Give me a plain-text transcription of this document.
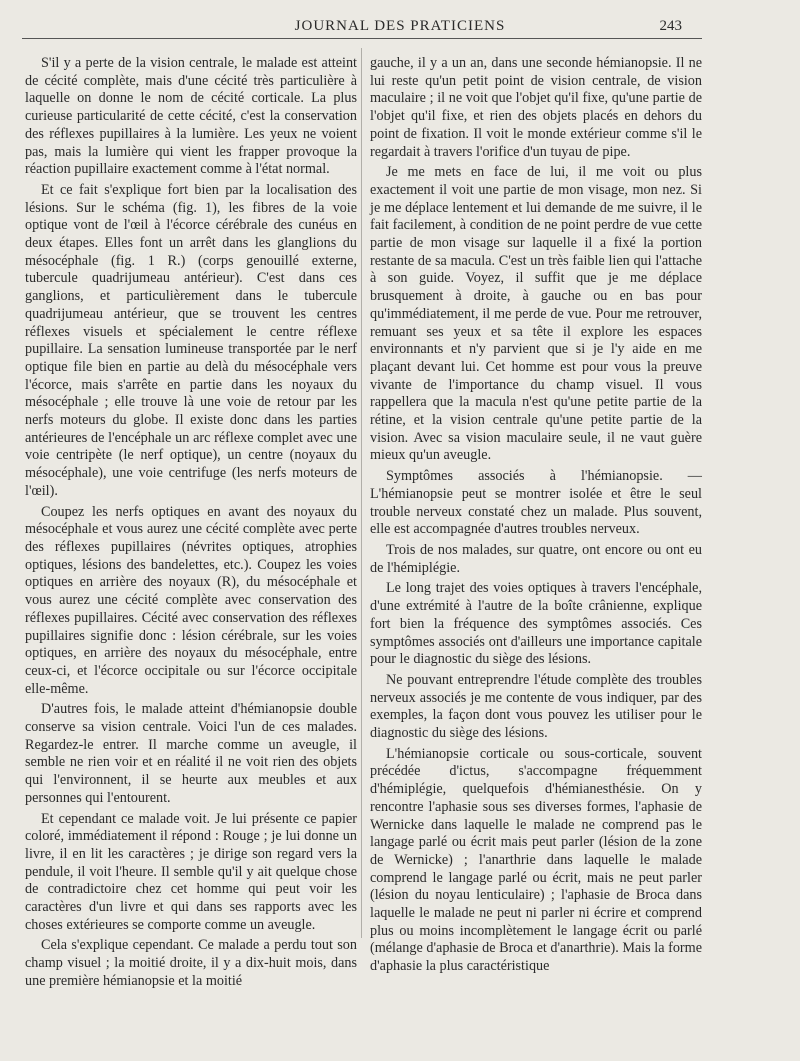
JOURNAL DES PRATICIENS	243

S'il y a perte de la vision centrale, le malade est atteint de cécité complète, mais d'une cécité très particulière à laquelle on donne le nom de cécité corticale. La plus curieuse particularité de cette cécité, c'est la conservation des réflexes pupillaires à la lumière. Les yeux ne voient pas, mais la lumière qui vient les frapper provoque la réaction pupillaire exactement comme à l'état normal.

Et ce fait s'explique fort bien par la localisation des lésions. Sur le schéma (fig. 1), les fibres de la voie optique vont de l'œil à l'écorce cérébrale des cunéus en deux étapes. Elles font un arrêt dans les glanglions du mésocéphale (fig. 1 R.) (corps genouillé externe, tubercule quadrijumeau antérieur). C'est dans ces ganglions, et particulièrement dans le tubercule quadrijumeau antérieur, que se trouvent les centres réflexes visuels et spécialement le centre réflexe pupillaire. La sensation lumineuse transportée par le nerf optique file bien en partie au delà du mésocéphale vers l'écorce, mais s'arrête en partie dans les noyaux du mésocéphale ; elle trouve là une voie de retour par les nerfs moteurs du globe. Il existe donc dans les parties antérieures de l'encéphale un arc réflexe complet avec une voie centripète (le nerf optique), un centre (noyaux du mésocéphale), une voie centrifuge (les nerfs moteurs de l'œil).

Coupez les nerfs optiques en avant des noyaux du mésocéphale et vous aurez une cécité complète avec perte des réflexes pupillaires (névrites optiques, atrophies optiques, lésions des bandelettes, etc.). Coupez les voies optiques en arrière des noyaux (R), du mésocéphale et vous aurez une cécité complète avec conservation des réflexes pupillaires. Cécité avec conservation des réflexes pupillaires signifie donc : lésion cérébrale, sur les voies optiques, en arrière des noyaux du mésocéphale, entre ceux-ci, et l'écorce occipitale ou sur l'écorce occipitale elle-même.

D'autres fois, le malade atteint d'hémianopsie double conserve sa vision centrale. Voici l'un de ces malades. Regardez-le entrer. Il marche comme un aveugle, il semble ne rien voir et en réalité il ne voit rien des objets qui l'environnent, il se heurte aux meubles et aux personnes qui l'entourent.

Et cependant ce malade voit. Je lui présente ce papier coloré, immédiatement il répond : Rouge ; je lui donne un livre, il en lit les caractères ; je dirige son regard vers la pendule, il voit l'heure. Il semble qu'il y ait quelque chose de contradictoire chez cet homme qui peut voir les caractères d'un livre et qui dans ses rapports avec les choses extérieures se comporte comme un aveugle.

Cela s'explique cependant. Ce malade a perdu tout son champ visuel ; la moitié droite, il y a dix-huit mois, dans une première hémianopsie et la moitié

gauche, il y a un an, dans une seconde hémianopsie. Il ne lui reste qu'un petit point de vision centrale, de vision maculaire ; il ne voit que l'objet qu'il fixe, qu'une partie de l'objet qu'il fixe, et rien des objets placés en dehors du point de fixation. Il voit le monde extérieur comme s'il le regardait à travers l'orifice d'un tuyau de pipe.

Je me mets en face de lui, il me voit ou plus exactement il voit une partie de mon visage, mon nez. Si je me déplace lentement et lui demande de me suivre, il le fait facilement, à condition de ne point perdre de vue cette partie de mon visage sur laquelle il a fixé la portion restante de sa macula. C'est un très faible lien qui l'attache à son guide. Voyez, il suffit que je me déplace brusquement à droite, à gauche ou en bas pour qu'immédiatement, il me perde de vue. Pour me retrouver, remuant ses yeux et sa tête il explore les espaces environnants et n'y parvient que si je l'y aide en me plaçant devant lui. Cet homme est pour vous la preuve vivante de l'importance du champ visuel. Il vous rappellera que la macula n'est qu'une petite partie de la rétine, et la vision centrale qu'une petite partie de la vision. Avec sa vision maculaire seule, il ne vaut guère mieux qu'un aveugle.

Symptômes associés à l'hémianopsie. — L'hémianopsie peut se montrer isolée et être le seul trouble nerveux constaté chez un malade. Plus souvent, elle est accompagnée d'autres troubles nerveux.

Trois de nos malades, sur quatre, ont encore ou ont eu de l'hémiplégie.

Le long trajet des voies optiques à travers l'encéphale, d'une extrémité à l'autre de la boîte crânienne, explique fort bien la fréquence des symptômes associés. Ces symptômes associés ont d'ailleurs une importance capitale pour le diagnostic du siège des lésions.

Ne pouvant entreprendre l'étude complète des troubles nerveux associés je me contente de vous indiquer, par des exemples, la façon dont vous pouvez les utiliser pour le diagnostic du siège des lésions.

L'hémianopsie corticale ou sous-corticale, souvent précédée d'ictus, s'accompagne fréquemment d'hémiplégie, quelquefois d'hémianesthésie. On y rencontre l'aphasie sous ses diverses formes, l'aphasie de Wernicke dans laquelle le malade ne comprend pas le langage parlé ou écrit mais peut parler (lésion de la zone de Wernicke) ; l'anarthrie dans laquelle le malade comprend le langage parlé ou écrit, mais ne peut parler (lésion du noyau lenticulaire) ; l'aphasie de Broca dans laquelle le malade ne peut ni parler ni écrire et comprend plus ou moins incomplètement le langage écrit ou parlé (mélange d'aphasie de Broca et d'anarthrie). Mais la forme d'aphasie la plus caractéristique
